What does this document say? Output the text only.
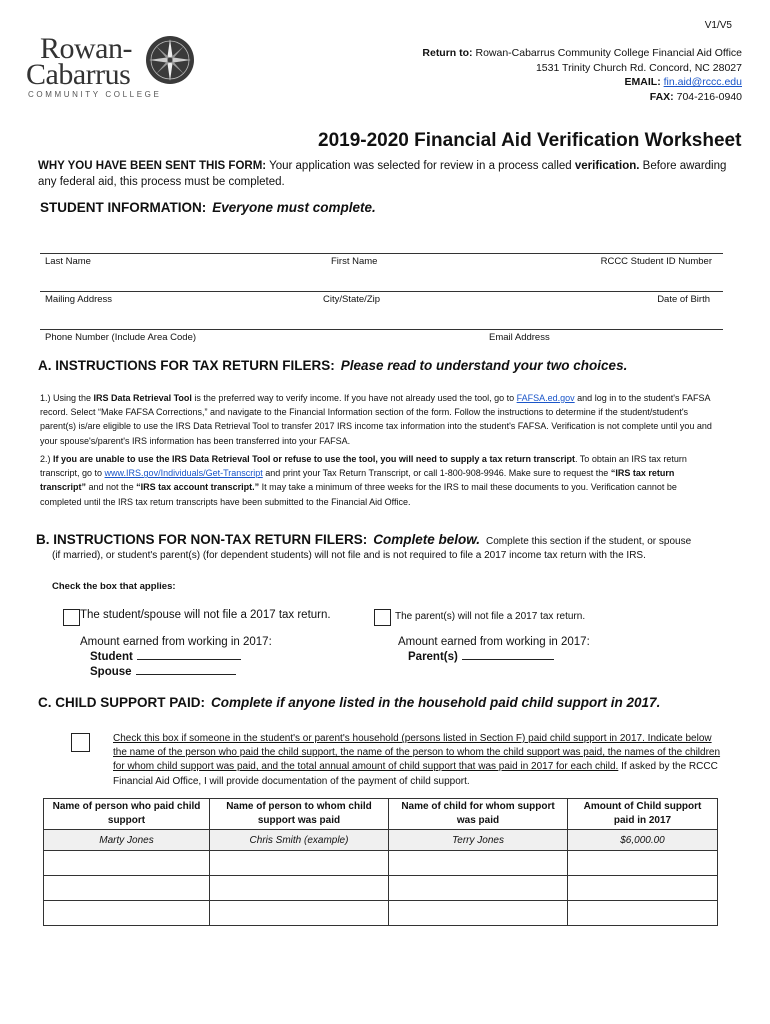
V1/V5
Rowan-
Cabarrus
COMMUNITY COLLEGE
Return to: Rowan-Cabarrus Community College Financial Aid Office
1531 Trinity Church Rd. Concord, NC 28027
EMAIL: fin.aid@rccc.edu
FAX: 704-216-0940
2019-2020 Financial Aid Verification Worksheet
WHY YOU HAVE BEEN SENT THIS FORM: Your application was selected for review in a process called verification. Before awarding any federal aid, this process must be completed.
STUDENT INFORMATION: Everyone must complete.
Last Name	First Name	RCCC Student ID Number
Mailing Address	City/State/Zip	Date of Birth
Phone Number (Include Area Code)	Email Address
A. INSTRUCTIONS FOR TAX RETURN FILERS: Please read to understand your two choices.
1.) Using the IRS Data Retrieval Tool is the preferred way to verify income. If you have not already used the tool, go to FAFSA.ed.gov and log in to the student's FAFSA record. Select “Make FAFSA Corrections,” and navigate to the Financial Information section of the form. Follow the instructions to determine if the student/student's parent(s) is/are eligible to use the IRS Data Retrieval Tool to transfer 2017 IRS income tax information into the student's FAFSA. Verification is not complete until you and your spouse's/parent's IRS information has been transferred into your FAFSA.
2.) If you are unable to use the IRS Data Retrieval Tool or refuse to use the tool, you will need to supply a tax return transcript. To obtain an IRS tax return transcript, go to www.IRS.gov/Individuals/Get-Transcript and print your Tax Return Transcript, or call 1-800-908-9946. Make sure to request the “IRS tax return transcript” and not the “IRS tax account transcript.” It may take a minimum of three weeks for the IRS to mail these documents to you. Verification cannot be completed until the IRS tax return transcripts have been submitted to the Financial Aid Office.
B. INSTRUCTIONS FOR NON-TAX RETURN FILERS: Complete below. Complete this section if the student, or spouse
(if married), or student's parent(s) (for dependent students) will not file and is not required to file a 2017 income tax return with the IRS.
Check the box that applies:
The student/spouse will not file a 2017 tax return.	The parent(s) will not file a 2017 tax return.
Amount earned from working in 2017:
Student
Spouse
Amount earned from working in 2017:
Parent(s)
C. CHILD SUPPORT PAID: Complete if anyone listed in the household paid child support in 2017.
Check this box if someone in the student's or parent's household (persons listed in Section F) paid child support in 2017. Indicate below the name of the person who paid the child support, the name of the person to whom the child support was paid, the names of the children for whom child support was paid, and the total annual amount of child support that was paid in 2017 for each child. If asked by the RCCC Financial Aid Office, I will provide documentation of the payment of child support.
Name of person who paid child support	Name of person to whom child support was paid	Name of child for whom support was paid	Amount of Child support paid in 2017
Marty Jones	Chris Smith (example)	Terry Jones	$6,000.00
